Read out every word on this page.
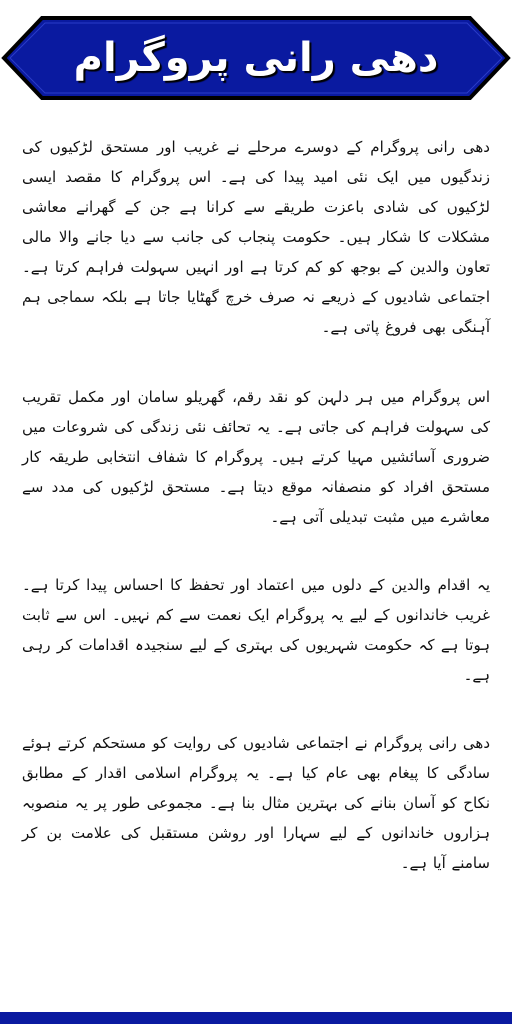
دھی رانی پروگرام

دھی رانی پروگرام کے دوسرے مرحلے نے غریب اور مستحق لڑکیوں کی زندگیوں میں ایک نئی امید پیدا کی ہے۔ اس پروگرام کا مقصد ایسی لڑکیوں کی شادی باعزت طریقے سے کرانا ہے جن کے گھرانے معاشی مشکلات کا شکار ہیں۔ حکومت پنجاب کی جانب سے دیا جانے والا مالی تعاون والدین کے بوجھ کو کم کرتا ہے اور انہیں سہولت فراہم کرتا ہے۔ اجتماعی شادیوں کے ذریعے نہ صرف خرچ گھٹایا جاتا ہے بلکہ سماجی ہم آہنگی بھی فروغ پاتی ہے۔

اس پروگرام میں ہر دلہن کو نقد رقم، گھریلو سامان اور مکمل تقریب کی سہولت فراہم کی جاتی ہے۔ یہ تحائف نئی زندگی کی شروعات میں ضروری آسائشیں مہیا کرتے ہیں۔ پروگرام کا شفاف انتخابی طریقہ کار مستحق افراد کو منصفانہ موقع دیتا ہے۔ مستحق لڑکیوں کی مدد سے معاشرے میں مثبت تبدیلی آتی ہے۔

یہ اقدام والدین کے دلوں میں اعتماد اور تحفظ کا احساس پیدا کرتا ہے۔ غریب خاندانوں کے لیے یہ پروگرام ایک نعمت سے کم نہیں۔ اس سے ثابت ہوتا ہے کہ حکومت شہریوں کی بہتری کے لیے سنجیدہ اقدامات کر رہی ہے۔

دھی رانی پروگرام نے اجتماعی شادیوں کی روایت کو مستحکم کرتے ہوئے سادگی کا پیغام بھی عام کیا ہے۔ یہ پروگرام اسلامی اقدار کے مطابق نکاح کو آسان بنانے کی بہترین مثال بنا ہے۔ مجموعی طور پر یہ منصوبہ ہزاروں خاندانوں کے لیے سہارا اور روشن مستقبل کی علامت بن کر سامنے آیا ہے۔
